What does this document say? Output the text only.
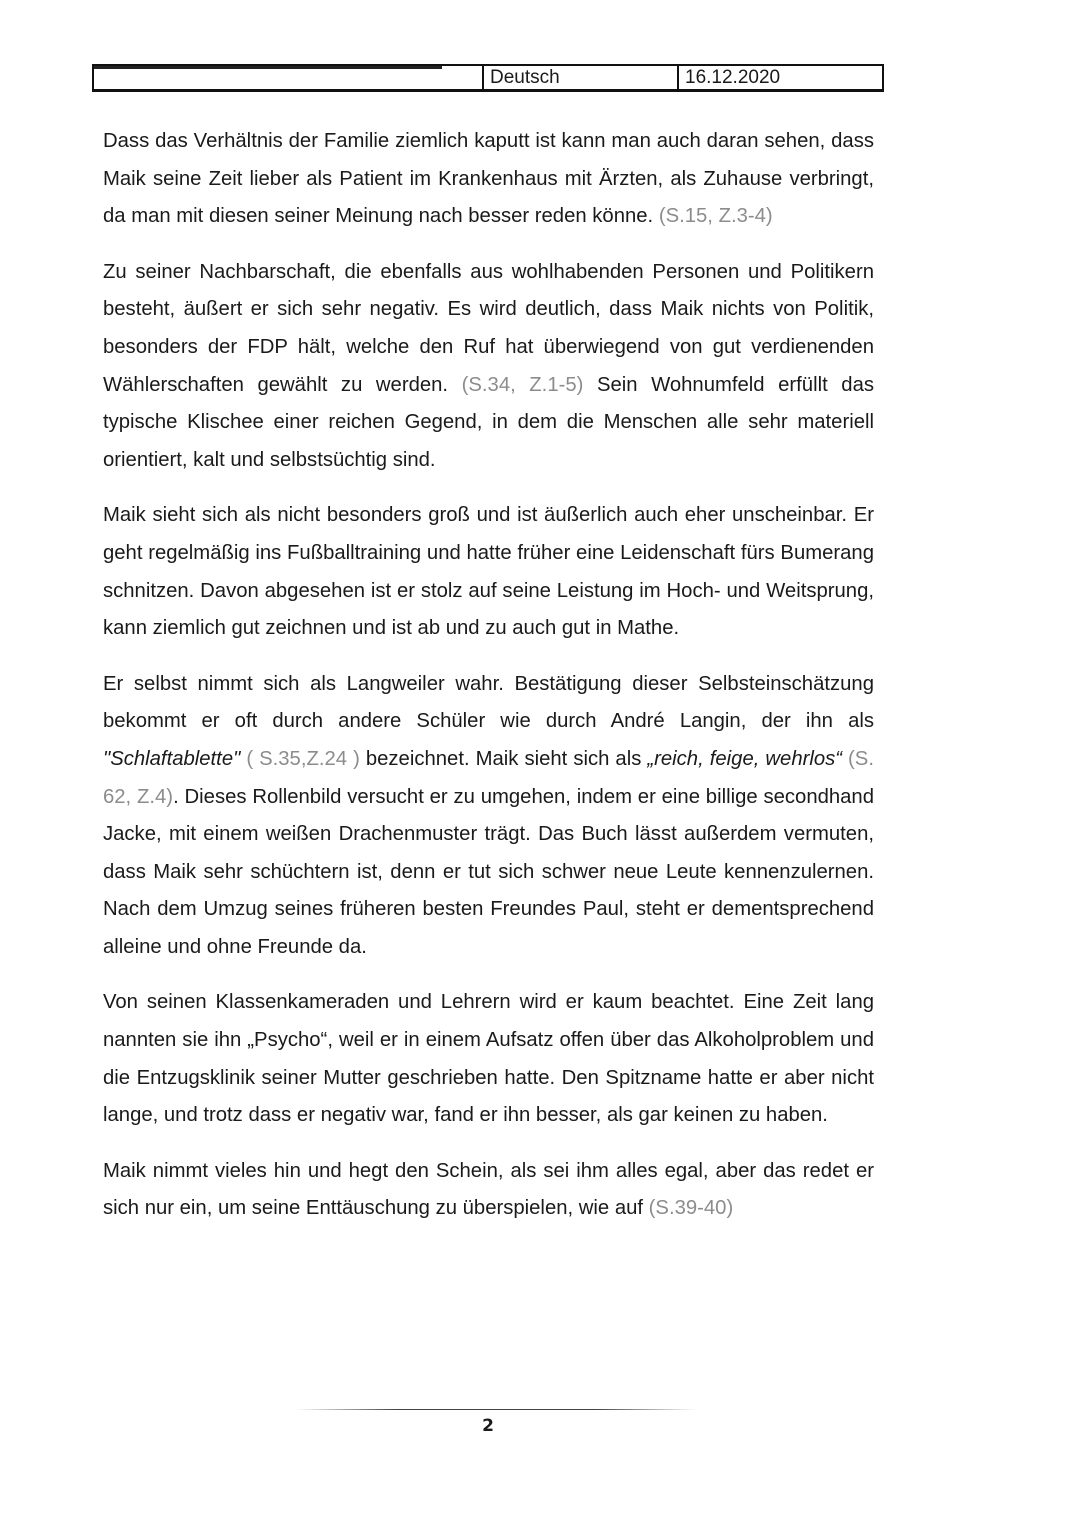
Deutsch	16.12.2020

Dass das Verhältnis der Familie ziemlich kaputt ist kann man auch daran sehen, dass Maik seine Zeit lieber als Patient im Krankenhaus mit Ärzten, als Zuhause verbringt, da man mit diesen seiner Meinung nach besser reden könne. (S.15, Z.3-4)

Zu seiner Nachbarschaft, die ebenfalls aus wohlhabenden Personen und Politikern besteht, äußert er sich sehr negativ. Es wird deutlich, dass Maik nichts von Politik, besonders der FDP hält, welche den Ruf hat überwiegend von gut verdienenden Wählerschaften gewählt zu werden. (S.34, Z.1-5) Sein Wohnumfeld erfüllt das typische Klischee einer reichen Gegend, in dem die Menschen alle sehr materiell orientiert, kalt und selbstsüchtig sind.

Maik sieht sich als nicht besonders groß und ist äußerlich auch eher unscheinbar. Er geht regelmäßig ins Fußballtraining und hatte früher eine Leidenschaft fürs Bumerang schnitzen. Davon abgesehen ist er stolz auf seine Leistung im Hoch- und Weitsprung, kann ziemlich gut zeichnen und ist ab und zu auch gut in Mathe.

Er selbst nimmt sich als Langweiler wahr. Bestätigung dieser Selbsteinschätzung bekommt er oft durch andere Schüler wie durch André Langin, der ihn als "Schlaftablette" ( S.35,Z.24 ) bezeichnet. Maik sieht sich als „reich, feige, wehrlos“ (S. 62, Z.4). Dieses Rollenbild versucht er zu umgehen, indem er eine billige secondhand Jacke, mit einem weißen Drachenmuster trägt. Das Buch lässt außerdem vermuten, dass Maik sehr schüchtern ist, denn er tut sich schwer neue Leute kennenzulernen. Nach dem Umzug seines früheren besten Freundes Paul, steht er dementsprechend alleine und ohne Freunde da.

Von seinen Klassenkameraden und Lehrern wird er kaum beachtet. Eine Zeit lang nannten sie ihn „Psycho“, weil er in einem Aufsatz offen über das Alkoholproblem und die Entzugsklinik seiner Mutter geschrieben hatte. Den Spitzname hatte er aber nicht lange, und trotz dass er negativ war, fand er ihn besser, als gar keinen zu haben.

Maik nimmt vieles hin und hegt den Schein, als sei ihm alles egal, aber das redet er sich nur ein, um seine Enttäuschung zu überspielen, wie auf (S.39-40)

2
